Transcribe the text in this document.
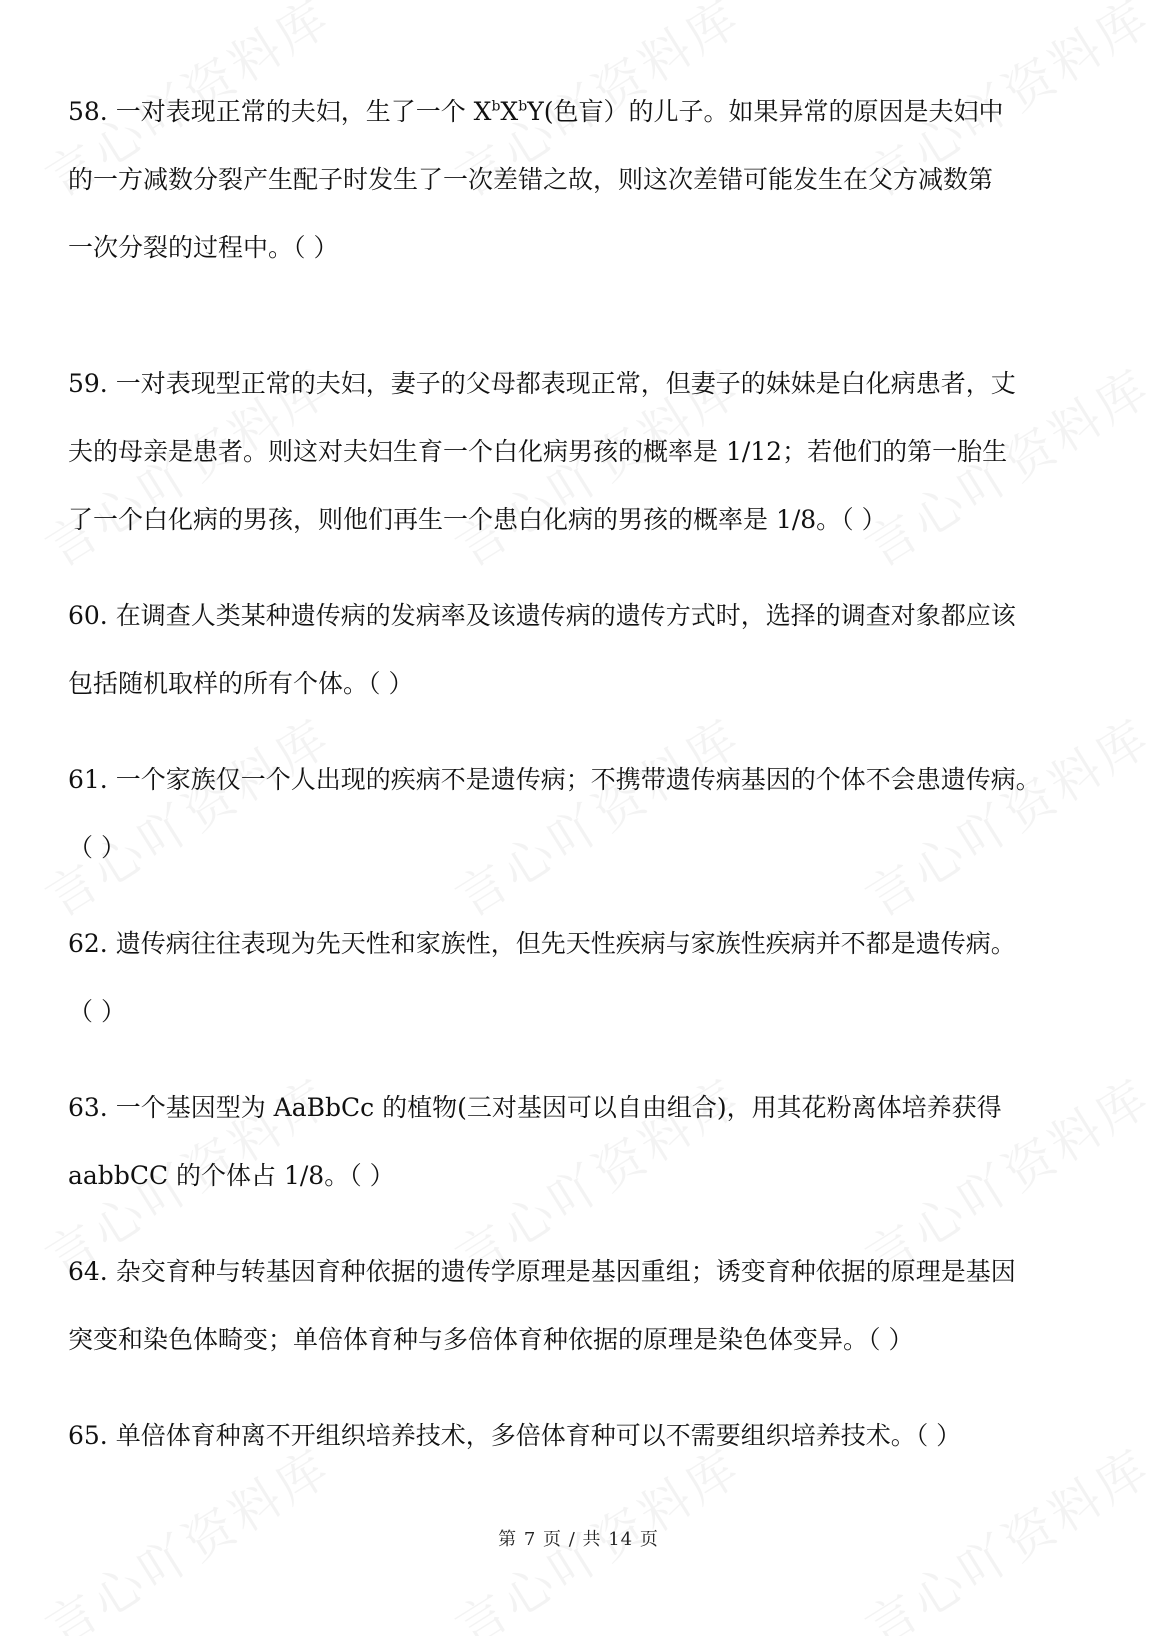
58. 一对表现正常的夫妇，生了一个 $X^bX^bY$(色盲）的儿子。如果异常的原因是夫妇中
的一方减数分裂产生配子时发生了一次差错之故，则这次差错可能发生在父方减数第
一次分裂的过程中。（ ）

59. 一对表现型正常的夫妇，妻子的父母都表现正常，但妻子的妹妹是白化病患者，丈
夫的母亲是患者。则这对夫妇生育一个白化病男孩的概率是 1/12；若他们的第一胎生
了一个白化病的男孩，则他们再生一个患白化病的男孩的概率是 1/8。（ ）

60. 在调查人类某种遗传病的发病率及该遗传病的遗传方式时，选择的调查对象都应该
包括随机取样的所有个体。（ ）

61. 一个家族仅一个人出现的疾病不是遗传病；不携带遗传病基因的个体不会患遗传病。
（ ）

62. 遗传病往往表现为先天性和家族性，但先天性疾病与家族性疾病并不都是遗传病。
（ ）

63. 一个基因型为 AaBbCc 的植物(三对基因可以自由组合)，用其花粉离体培养获得
aabbCC 的个体占 1/8。（ ）

64. 杂交育种与转基因育种依据的遗传学原理是基因重组；诱变育种依据的原理是基因
突变和染色体畸变；单倍体育种与多倍体育种依据的原理是染色体变异。（ ）

65. 单倍体育种离不开组织培养技术，多倍体育种可以不需要组织培养技术。（ ）

第 7 页 / 共 14 页
